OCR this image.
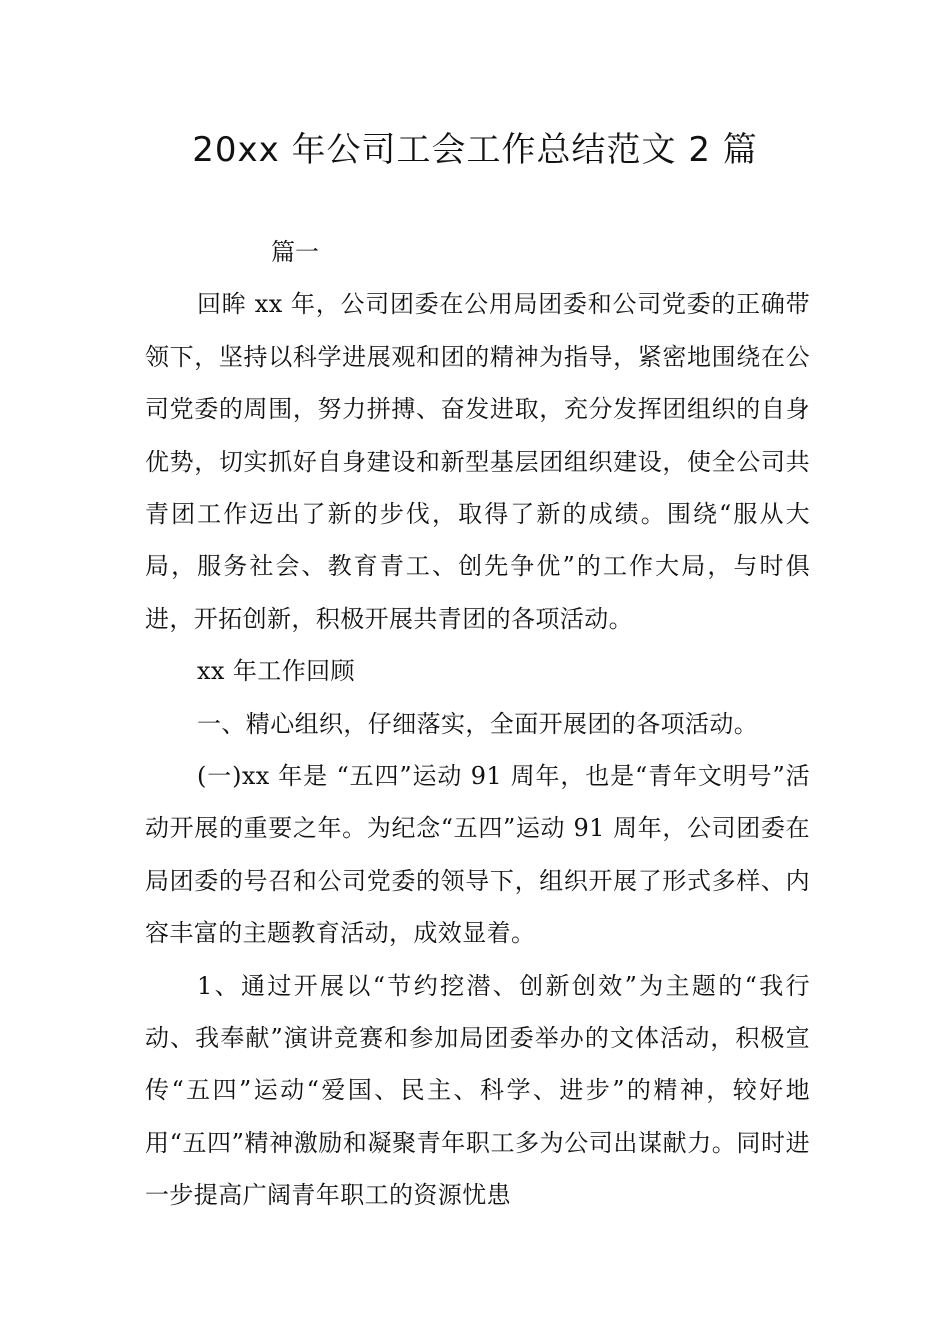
20xx 年公司工会工作总结范文 2 篇

篇一

回眸 xx 年，公司团委在公用局团委和公司党委的正确带领下，坚持以科学进展观和团的精神为指导，紧密地围绕在公司党委的周围，努力拼搏、奋发进取，充分发挥团组织的自身优势，切实抓好自身建设和新型基层团组织建设，使全公司共青团工作迈出了新的步伐，取得了新的成绩。围绕“服从大局，服务社会、教育青工、创先争优”的工作大局，与时俱进，开拓创新，积极开展共青团的各项活动。

xx 年工作回顾

一、精心组织，仔细落实，全面开展团的各项活动。

(一)xx 年是 “五四”运动 91 周年，也是“青年文明号”活动开展的重要之年。为纪念“五四”运动 91 周年，公司团委在局团委的号召和公司党委的领导下，组织开展了形式多样、内容丰富的主题教育活动，成效显着。

1、通过开展以“节约挖潜、创新创效”为主题的“我行动、我奉献”演讲竞赛和参加局团委举办的文体活动，积极宣传“五四”运动“爱国、民主、科学、进步”的精神，较好地用“五四”精神激励和凝聚青年职工多为公司出谋献力。同时进一步提高广阔青年职工的资源忧患
